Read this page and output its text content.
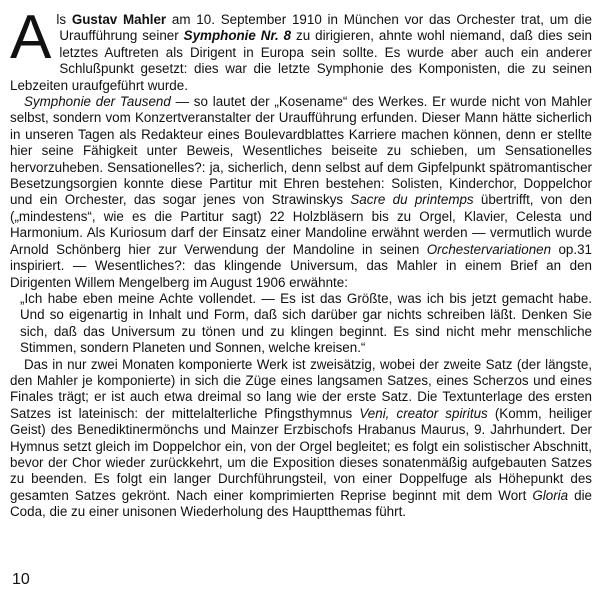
Als Gustav Mahler am 10. September 1910 in München vor das Orchester trat, um die Uraufführung seiner Symphonie Nr. 8 zu dirigieren, ahnte wohl niemand, daß dies sein letztes Auftreten als Dirigent in Europa sein sollte. Es wurde aber auch ein anderer Schlußpunkt gesetzt: dies war die letzte Symphonie des Komponisten, die zu seinen Lebzeiten uraufgeführt wurde.

Symphonie der Tausend — so lautet der „Kosename“ des Werkes. Er wurde nicht von Mahler selbst, sondern vom Konzertveranstalter der Uraufführung erfunden. Dieser Mann hätte sicherlich in unseren Tagen als Redakteur eines Boulevardblattes Karriere machen können, denn er stellte hier seine Fähigkeit unter Beweis, Wesentliches beiseite zu schieben, um Sensationelles hervorzuheben. Sensationelles?: ja, sicherlich, denn selbst auf dem Gipfelpunkt spätromantischer Besetzungsorgien konnte diese Partitur mit Ehren bestehen: Solisten, Kinderchor, Doppelchor und ein Orchester, das sogar jenes von Strawinskys Sacre du printemps übertrifft, von den („mindestens“, wie es die Partitur sagt) 22 Holzbläsern bis zu Orgel, Klavier, Celesta und Harmonium. Als Kuriosum darf der Einsatz einer Mandoline erwähnt werden — vermutlich wurde Arnold Schönberg hier zur Verwendung der Mandoline in seinen Orchestervariationen op.31 inspiriert. — Wesentliches?: das klingende Universum, das Mahler in einem Brief an den Dirigenten Willem Mengelberg im August 1906 erwähnte:

„Ich habe eben meine Achte vollendet. — Es ist das Größte, was ich bis jetzt gemacht habe. Und so eigenartig in Inhalt und Form, daß sich darüber gar nichts schreiben läßt. Denken Sie sich, daß das Universum zu tönen und zu klingen beginnt. Es sind nicht mehr menschliche Stimmen, sondern Planeten und Sonnen, welche kreisen.“

Das in nur zwei Monaten komponierte Werk ist zweisätzig, wobei der zweite Satz (der längste, den Mahler je komponierte) in sich die Züge eines langsamen Satzes, eines Scherzos und eines Finales trägt; er ist auch etwa dreimal so lang wie der erste Satz. Die Textunterlage des ersten Satzes ist lateinisch: der mittelalterliche Pfingsthymnus Veni, creator spiritus (Komm, heiliger Geist) des Benediktinermönchs und Mainzer Erzbischofs Hrabanus Maurus, 9. Jahrhundert. Der Hymnus setzt gleich im Doppelchor ein, von der Orgel begleitet; es folgt ein solistischer Abschnitt, bevor der Chor wieder zurückkehrt, um die Exposition dieses sonatenmäßig aufgebauten Satzes zu beenden. Es folgt ein langer Durchführungsteil, von einer Doppelfuge als Höhepunkt des gesamten Satzes gekrönt. Nach einer komprimierten Reprise beginnt mit dem Wort Gloria die Coda, die zu einer unisonen Wiederholung des Hauptthemas führt.

10
